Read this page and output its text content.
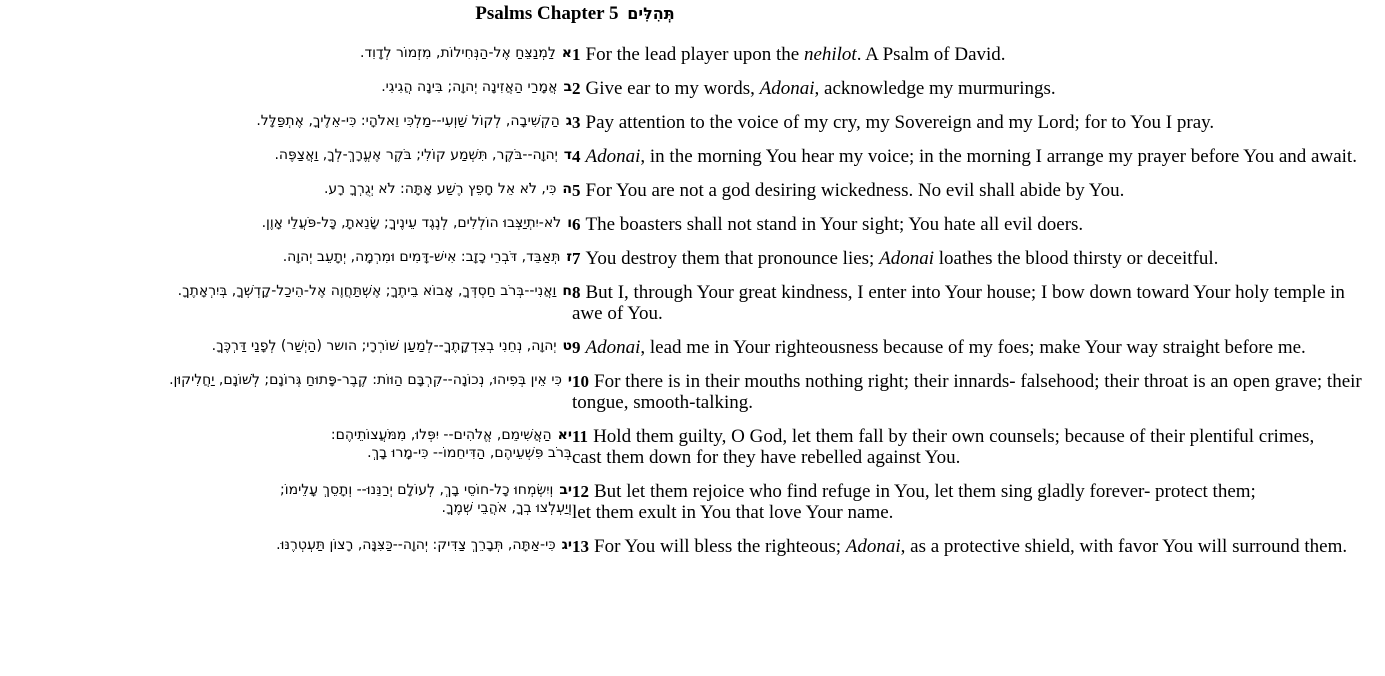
Psalms Chapter 5 תְּהִלִּים
אלַמְנַצֵּחַ אֶל-הַנְּחִילוֹת, מִזְמוֹר לְדָוִד.	1 For the lead player upon the nehilot. A Psalm of David.

באֲמָרַי הַאֲזִינָה יְהוָה; בִּינָה הֲגִיגִי.	2 Give ear to my words, Adonai, acknowledge my murmurings.

גהַקְשִׁיבָה, לְקוֹל שַׁוְעִי--מַלְכִּי וֵאלֹהָי: כִּי-אֵלֶיךָ, אֶתְפַּלָּל.	3 Pay attention to the voice of my cry, my Sovereign and my Lord; for to You I pray.

דיְהוָה--בֹּקֶר, תִּשְׁמַע קוֹלִי; בֹּקֶר אֶעֱרָךְ-לְךָ, וַאֲצַפֶּה.	4 Adonai, in the morning You hear my voice; in the morning I arrange my prayer before You and await.

הכִּי, לֹא אֵל חָפֵץ רֶשַׁע אָתָּה: לֹא יְגֻרְךָ רָע.	5 For You are not a god desiring wickedness. No evil shall abide by You.

ולֹא-יִתְיַצְּבוּ הוֹלְלִים, לְנֶגֶד עֵינֶיךָ; שָׂנֵאתָ, כָּל-פֹּעֲלֵי אָוֶן.	6 The boasters shall not stand in Your sight; You hate all evil doers.

זתְּאַבֵּד, דֹּבְרֵי כָזָב: אִישׁ-דָּמִים וּמִרְמָה, יְתָעֵב יְהוָה.	7 You destroy them that pronounce lies; Adonai loathes the blood thirsty or deceitful.

חוַאֲנִי--בְּרֹב חַסְדְּךָ, אָבוֹא בֵיתֶךָ; אֶשְׁתַּחֲוֶה אֶל-הֵיכַל-קָדְשְׁךָ, בְּיִרְאָתֶךָ.	8 But I, through Your great kindness, I enter into Your house; I bow down toward Your holy temple in awe of You.

טיְהוָה, נְחֵנִי בְצִדְקָתֶךָ--לְמַעַן שׁוֹרְרָי; הושר (הַיְשַׁר) לְפָנַי דַּרְכֶּךָ.	9 Adonai, lead me in Your righteousness because of my foes; make Your way straight before me.

יכִּי אֵין בְּפִיהוּ, נְכוֹנָה--קִרְבָּם הַוּוֹת: קֶבֶר-פָּתוּחַ גְּרוֹנָם; לְשׁוֹנָם, יַחֲלִיקוּן.	10 For there is in their mouths nothing right; their innards- falsehood; their throat is an open grave; their tongue, smooth-talking.

יאהַאֲשִׁימֵם, אֱלֹהִים-- יִפְּלוּ, מִמֹּעֲצוֹתֵיהֶם:
בְּרֹב פִּשְׁעֵיהֶם, הַדִּיחֵמוֹ-- כִּי-מָרוּ בָךְ.	11 Hold them guilty, O God, let them fall by their own counsels; because of their plentiful crimes,
cast them down for they have rebelled against You.

יבוְיִשְׂמְחוּ כָל-חוֹסֵי בָךְ, לְעוֹלָם יְרַנֵּנוּ-- וְתָסֵךְ עָלֵימוֹ;
וְיַעְלְצוּ בְךָ, אֹהֲבֵי שְׁמֶךָ.	12 But let them rejoice who find refuge in You, let them sing gladly forever- protect them;
let them exult in You that love Your name.

יגכִּי-אַתָּה, תְּבָרֵךְ צַדִּיק: יְהוָה--כַּצִּנָּה, רָצוֹן תַּעְטְרֶנּוּ.	13 For You will bless the righteous; Adonai, as a protective shield, with favor You will surround them.
